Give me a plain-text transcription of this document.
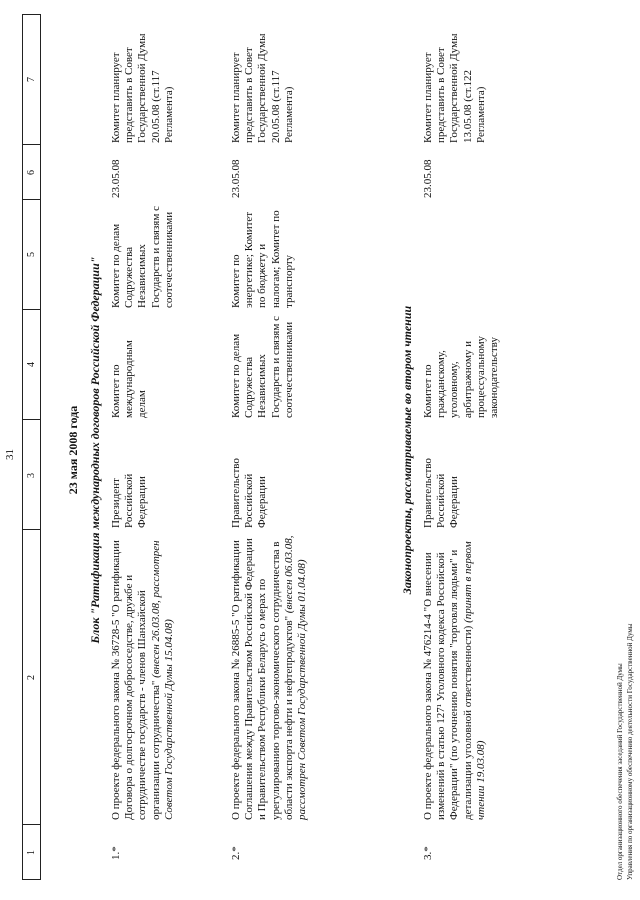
31
1
2
3
4
5
6
7
23 мая 2008 года Блок "Ратификация международных договоров Российской Федерации"
1.*
О проекте федерального закона № 36728-5 "О ратификации Договора о долгосрочном добрососедстве, дружбе и сотрудничестве государств - членов Шанхайской организации сотрудничества" (внесен 26.03.08, рассмотрен Советом Государственной Думы 15.04.08)
Президент Российской Федерации
Комитет по международным делам
Комитет по делам Содружества Независимых Государств и связям с соотечественниками
23.05.08
Комитет планирует представить в Совет Государственной Думы 20.05.08 (ст.117 Регламента)
2.*
О проекте федерального закона № 26885-5 "О ратификации Соглашения между Правительством Российской Федерации и Правительством Республики Беларусь о мерах по урегулированию торгово-экономического сотрудничества в области экспорта нефти и нефтепродуктов" (внесен 06.03.08, рассмотрен Советом Государственной Думы 01.04.08)
Правительство Российской Федерации
Комитет по делам Содружества Независимых Государств и связям с соотечественниками
Комитет по энергетике; Комитет по бюджету и налогам; Комитет по транспорту
23.05.08
Комитет планирует представить в Совет Государственной Думы 20.05.08 (ст.117 Регламента)
Законопроекты, рассматриваемые во втором чтении
3.*
О проекте федерального закона № 476214-4 "О внесении изменений в статью 127¹ Уголовного кодекса Российской Федерации" (по уточнению понятия "торговля людьми" и детализации уголовной ответственности) (принят в первом чтении 19.03.08)
Правительство Российской Федерации
Комитет по гражданскому, уголовному, арбитражному и процессуальному законодательству
23.05.08
Комитет планирует представить в Совет Государственной Думы 13.05.08 (ст.122 Регламента)
Отдел организационного обеспечения заседаний Государственной Думы Управления по организационному обеспечению деятельности Государственной Думы
